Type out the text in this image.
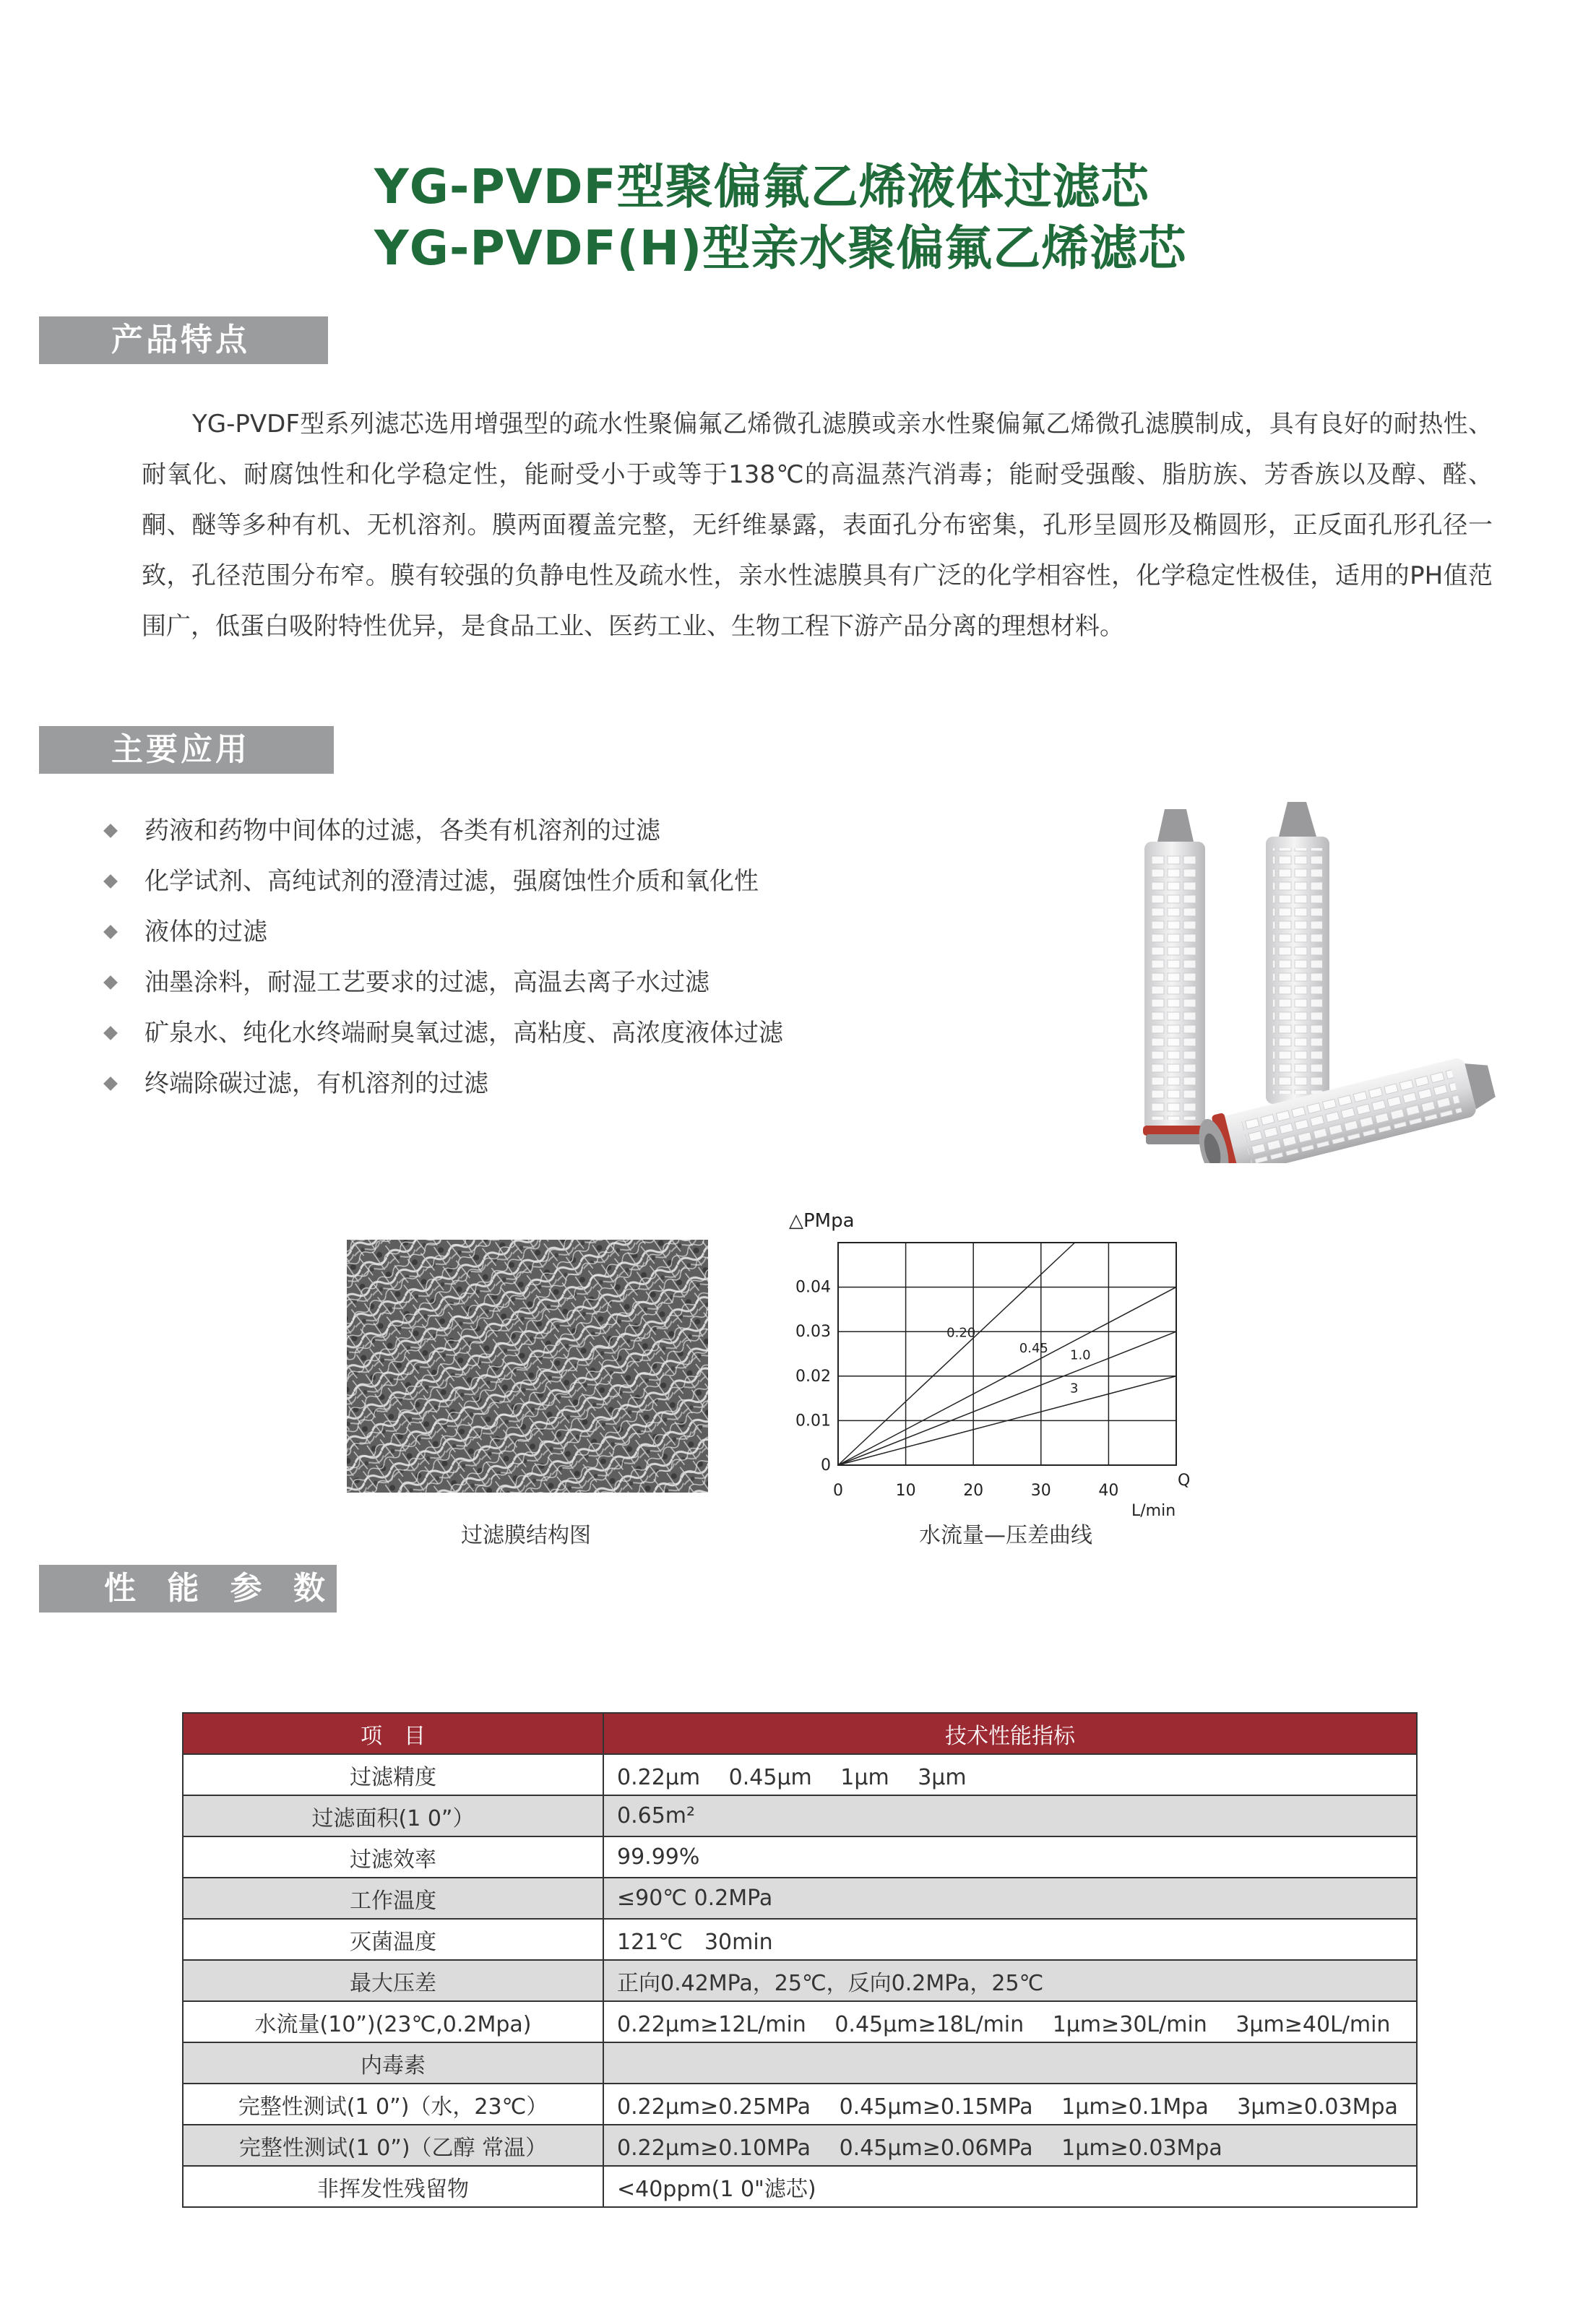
YG-PVDF型聚偏氟乙烯液体过滤芯
YG-PVDF(H)型亲水聚偏氟乙烯滤芯
产品特点

YG-PVDF型系列滤芯选用增强型的疏水性聚偏氟乙烯微孔滤膜或亲水性聚偏氟乙烯微孔滤膜制成，具有良好的耐热性、耐氧化、耐腐蚀性和化学稳定性，能耐受小于或等于138℃的高温蒸汽消毒；能耐受强酸、脂肪族、芳香族以及醇、醛、酮、醚等多种有机、无机溶剂。膜两面覆盖完整，无纤维暴露，表面孔分布密集，孔形呈圆形及椭圆形，正反面孔形孔径一致，孔径范围分布窄。膜有较强的负静电性及疏水性，亲水性滤膜具有广泛的化学相容性，化学稳定性极佳，适用的PH值范围广，低蛋白吸附特性优异，是食品工业、医药工业、生物工程下游产品分离的理想材料。

主要应用
药液和药物中间体的过滤，各类有机溶剂的过滤
化学试剂、高纯试剂的澄清过滤，强腐蚀性介质和氧化性
液体的过滤
油墨涂料，耐湿工艺要求的过滤，高温去离子水过滤
矿泉水、纯化水终端耐臭氧过滤，高粘度、高浓度液体过滤
终端除碳过滤，有机溶剂的过滤
过滤膜结构图
0	10	20	30	40
0
0.01
0.02
0.03
0.04
△PMpa
Q
L/min
0.20
0.45 1.0
3
水流量—压差曲线
性 能 参 数
项　目	技术性能指标
过滤精度	0.22μm　 0.45μm　 1μm　 3μm
过滤面积(1 0”）	0.65m²
过滤效率	99.99%
工作温度	≤90℃ 0.2MPa
灭菌温度	121℃　30min
最大压差	正向0.42MPa，25℃，反向0.2MPa，25℃
水流量(10”)(23℃,0.2Mpa)	0.22μm≥12L/min　 0.45μm≥18L/min　 1μm≥30L/min　 3μm≥40L/min
内毒素	
完整性测试(1 0”)（水，23℃）	0.22μm≥0.25MPa　 0.45μm≥0.15MPa　 1μm≥0.1Mpa　 3μm≥0.03Mpa
完整性测试(1 0”)（乙醇 常温）	0.22μm≥0.10MPa　 0.45μm≥0.06MPa　 1μm≥0.03Mpa
非挥发性残留物	<40ppm(1 0"滤芯)
